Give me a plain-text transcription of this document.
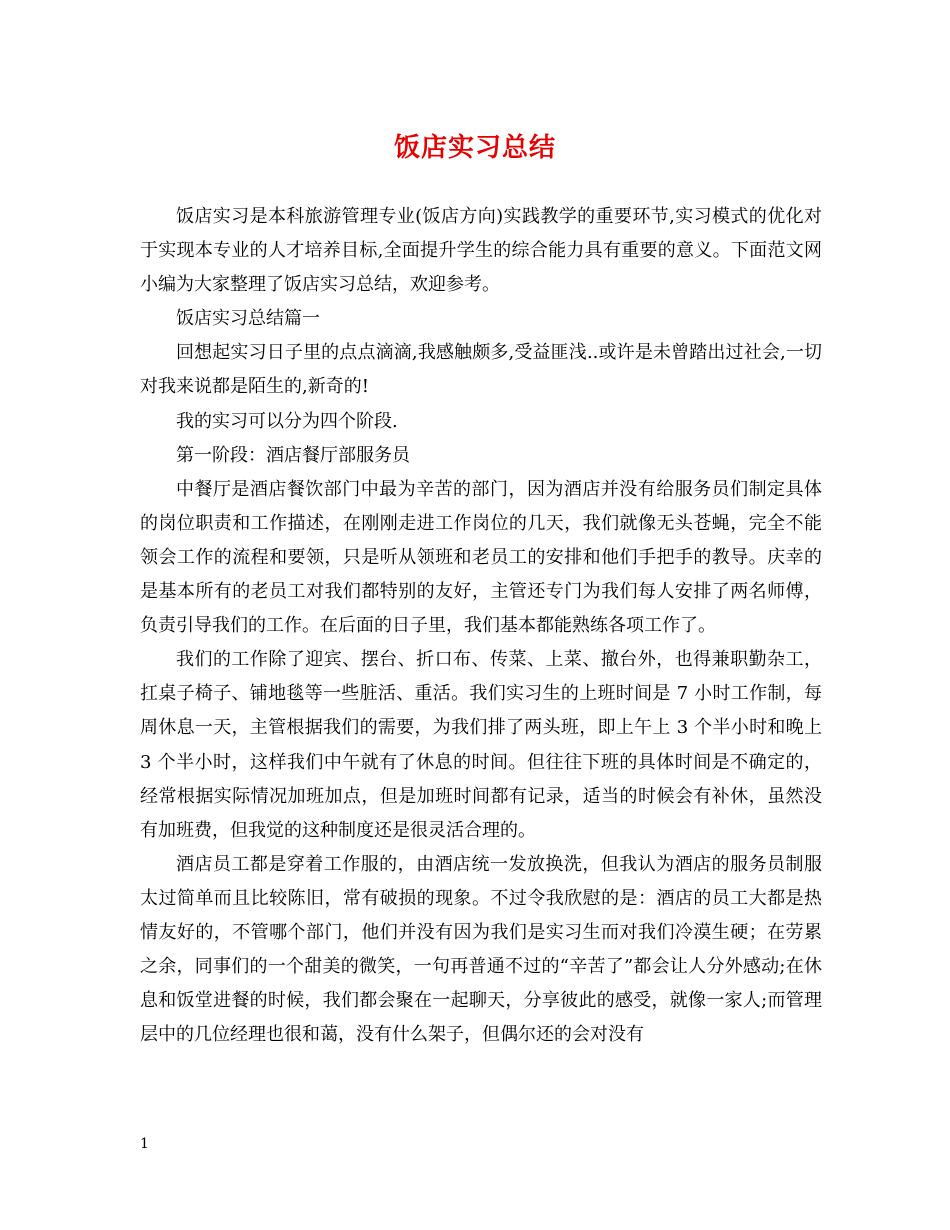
饭店实习总结

饭店实习是本科旅游管理专业(饭店方向)实践教学的重要环节,实习模式的优化对于实现本专业的人才培养目标,全面提升学生的综合能力具有重要的意义。下面范文网小编为大家整理了饭店实习总结，欢迎参考。

饭店实习总结篇一

回想起实习日子里的点点滴滴,我感触颇多,受益匪浅..或许是未曾踏出过社会,一切对我来说都是陌生的,新奇的!

我的实习可以分为四个阶段.

第一阶段：酒店餐厅部服务员

中餐厅是酒店餐饮部门中最为辛苦的部门，因为酒店并没有给服务员们制定具体的岗位职责和工作描述，在刚刚走进工作岗位的几天，我们就像无头苍蝇，完全不能领会工作的流程和要领，只是听从领班和老员工的安排和他们手把手的教导。庆幸的是基本所有的老员工对我们都特别的友好，主管还专门为我们每人安排了两名师傅，负责引导我们的工作。在后面的日子里，我们基本都能熟练各项工作了。

我们的工作除了迎宾、摆台、折口布、传菜、上菜、撤台外，也得兼职勤杂工，扛桌子椅子、铺地毯等一些脏活、重活。我们实习生的上班时间是 7 小时工作制，每周休息一天，主管根据我们的需要，为我们排了两头班，即上午上 3 个半小时和晚上 3 个半小时，这样我们中午就有了休息的时间。但往往下班的具体时间是不确定的，经常根据实际情况加班加点，但是加班时间都有记录，适当的时候会有补休，虽然没有加班费，但我觉的这种制度还是很灵活合理的。

酒店员工都是穿着工作服的，由酒店统一发放换洗，但我认为酒店的服务员制服太过简单而且比较陈旧，常有破损的现象。不过令我欣慰的是：酒店的员工大都是热情友好的，不管哪个部门，他们并没有因为我们是实习生而对我们冷漠生硬；在劳累之余，同事们的一个甜美的微笑，一句再普通不过的“辛苦了”都会让人分外感动;在休息和饭堂进餐的时候，我们都会聚在一起聊天，分享彼此的感受，就像一家人;而管理层中的几位经理也很和蔼，没有什么架子，但偶尔还的会对没有

1
